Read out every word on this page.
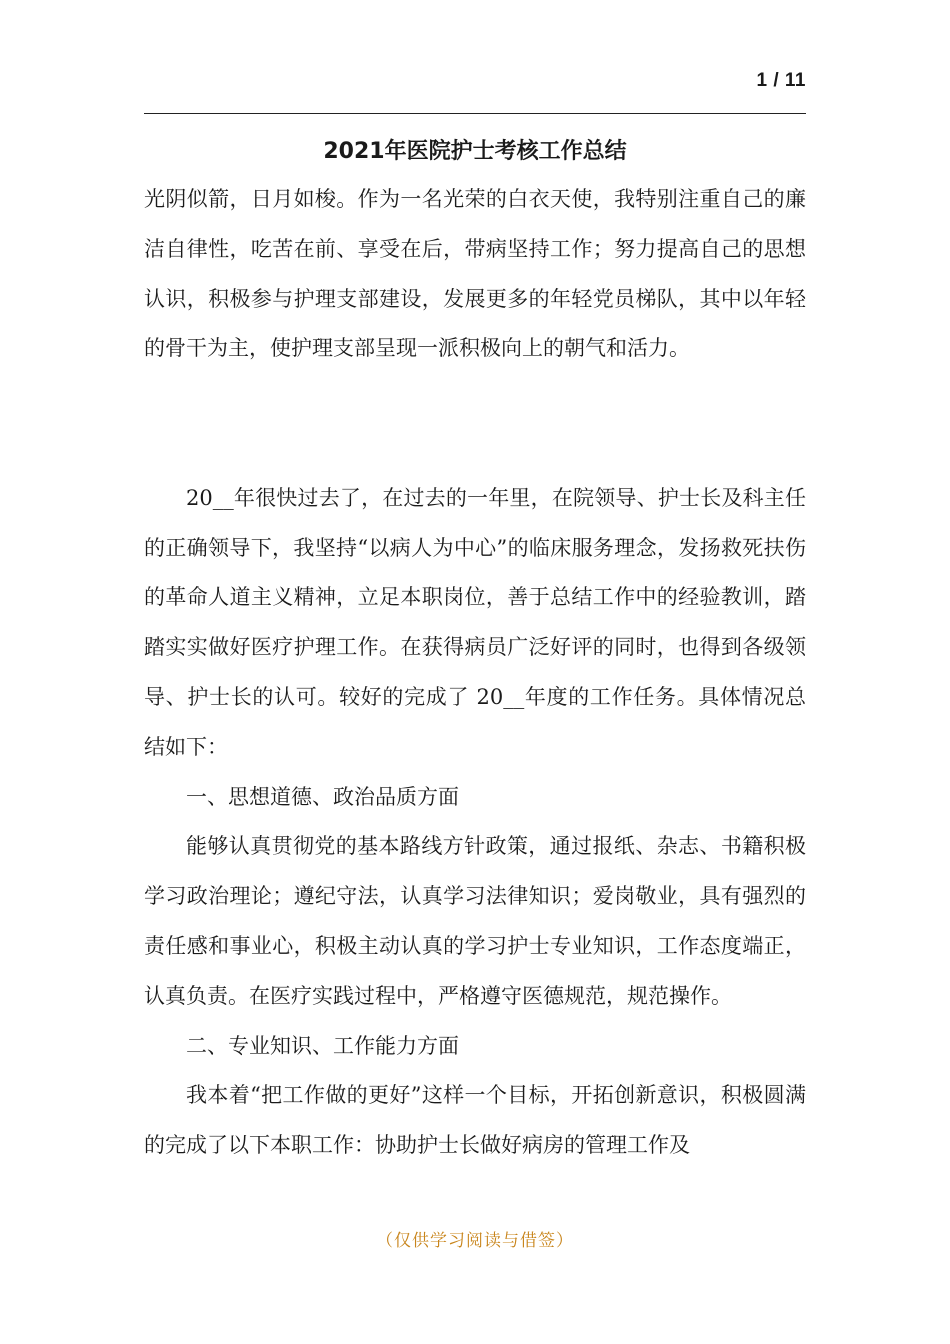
1 / 11
2021年医院护士考核工作总结

光阴似箭，日月如梭。作为一名光荣的白衣天使，我特别注重自己的廉洁自律性，吃苦在前、享受在后，带病坚持工作；努力提高自己的思想认识，积极参与护理支部建设，发展更多的年轻党员梯队，其中以年轻的骨干为主，使护理支部呈现一派积极向上的朝气和活力。

20__年很快过去了，在过去的一年里，在院领导、护士长及科主任的正确领导下，我坚持“以病人为中心”的临床服务理念，发扬救死扶伤的革命人道主义精神，立足本职岗位，善于总结工作中的经验教训，踏踏实实做好医疗护理工作。在获得病员广泛好评的同时，也得到各级领导、护士长的认可。较好的完成了 20__年度的工作任务。具体情况总结如下：

一、思想道德、政治品质方面

能够认真贯彻党的基本路线方针政策，通过报纸、杂志、书籍积极学习政治理论；遵纪守法，认真学习法律知识；爱岗敬业，具有强烈的责任感和事业心，积极主动认真的学习护士专业知识，工作态度端正，认真负责。在医疗实践过程中，严格遵守医德规范，规范操作。

二、专业知识、工作能力方面

我本着“把工作做的更好”这样一个目标，开拓创新意识，积极圆满的完成了以下本职工作：协助护士长做好病房的管理工作及

（仅供学习阅读与借签）
